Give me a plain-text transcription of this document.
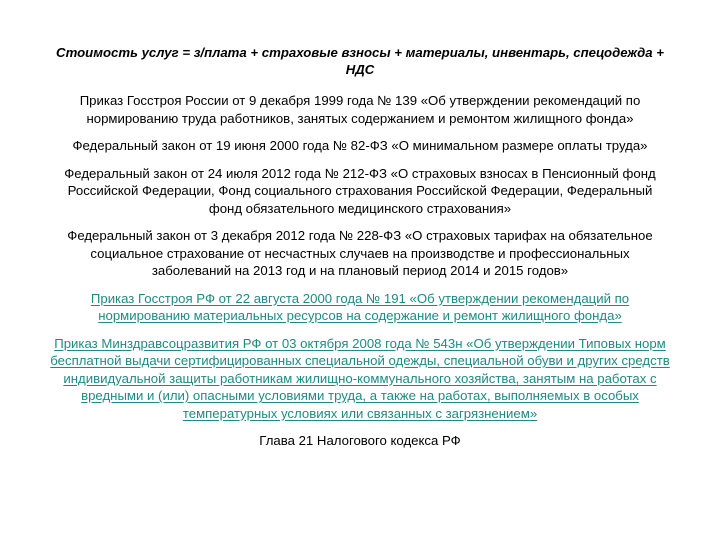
Стоимость услуг = з/плата + страховые взносы + материалы, инвентарь, спецодежда + НДС
Приказ Госстроя России от 9 декабря 1999 года № 139 «Об утверждении рекомендаций по нормированию труда работников, занятых содержанием и ремонтом жилищного фонда»
Федеральный закон от 19 июня 2000 года № 82-ФЗ «О минимальном размере оплаты труда»
Федеральный закон от 24 июля 2012 года № 212-ФЗ «О страховых взносах в Пенсионный фонд Российской Федерации, Фонд социального страхования Российской Федерации, Федеральный фонд обязательного медицинского страхования»
Федеральный закон от 3 декабря 2012 года № 228-ФЗ «О страховых тарифах на обязательное социальное страхование от несчастных случаев на производстве и профессиональных заболеваний на 2013 год и на плановый период 2014 и 2015 годов»
Приказ Госстроя РФ от 22 августа 2000 года № 191 «Об утверждении рекомендаций по нормированию материальных ресурсов на содержание и ремонт жилищного фонда»
Приказ Минздравсоцразвития РФ от 03 октября 2008 года № 543н «Об утверждении Типовых норм бесплатной выдачи сертифицированных специальной одежды, специальной обуви и других средств индивидуальной защиты работникам жилищно-коммунального хозяйства, занятым на работах с вредными и (или) опасными условиями труда, а также на работах, выполняемых в особых температурных условиях или связанных с загрязнением»
Глава 21 Налогового кодекса РФ
